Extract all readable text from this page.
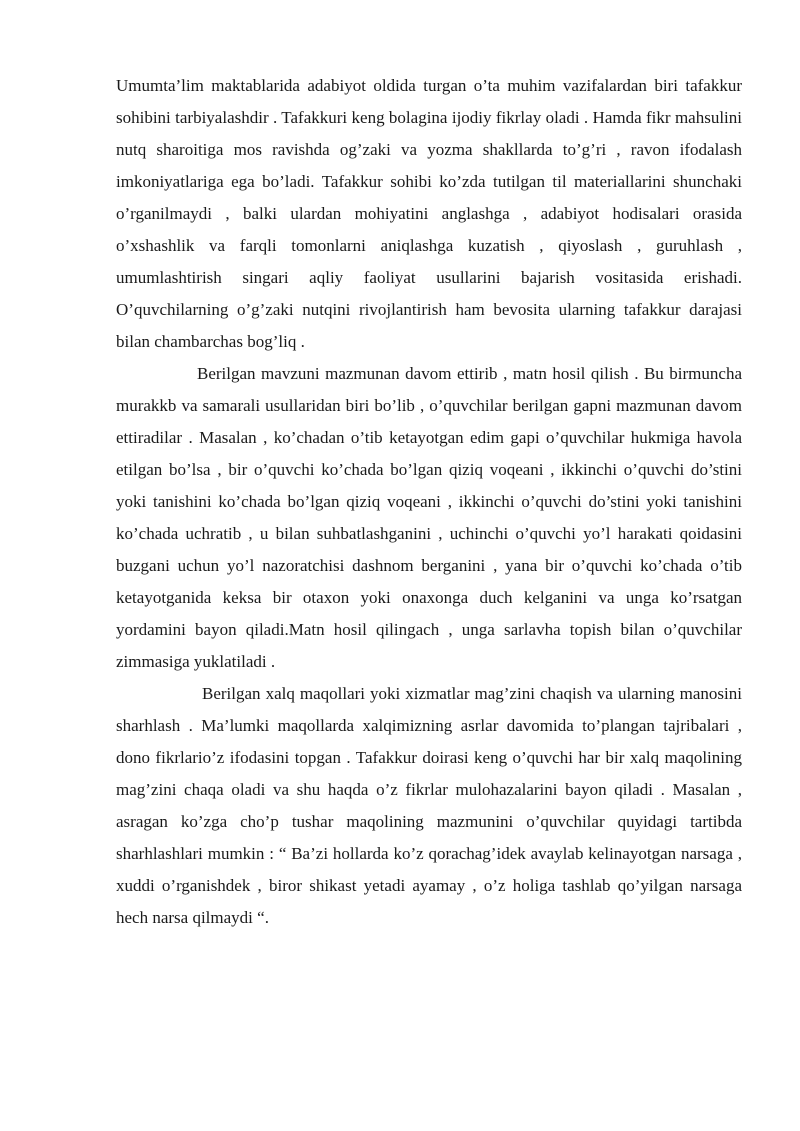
Umumta’lim maktablarida adabiyot oldida turgan o’ta muhim vazifalardan biri tafakkur sohibini tarbiyalashdir . Tafakkuri keng bolagina ijodiy fikrlay oladi . Hamda fikr mahsulini nutq sharoitiga mos ravishda og’zaki va yozma shakllarda to’g’ri , ravon ifodalash imkoniyatlariga ega bo’ladi. Tafakkur sohibi ko’zda tutilgan til materiallarini shunchaki o’rganilmaydi , balki ulardan mohiyatini anglashga , adabiyot hodisalari orasida o’xshashlik va farqli tomonlarni aniqlashga kuzatish , qiyoslash , guruhlash , umumlashtirish singari aqliy faoliyat usullarini bajarish vositasida erishadi. O’quvchilarning o’g’zaki nutqini rivojlantirish ham bevosita ularning tafakkur darajasi bilan chambarchas bog’liq .

Berilgan mavzuni mazmunan davom ettirib , matn hosil qilish . Bu birmuncha murakkb va samarali usullaridan biri bo’lib , o’quvchilar berilgan gapni mazmunan davom ettiradilar . Masalan , ko’chadan o’tib ketayotgan edim gapi o’quvchilar hukmiga havola etilgan bo’lsa , bir o’quvchi ko’chada bo’lgan qiziq voqeani , ikkinchi o’quvchi do’stini yoki tanishini ko’chada bo’lgan qiziq voqeani , ikkinchi o’quvchi do’stini yoki tanishini ko’chada uchratib , u bilan suhbatlashganini , uchinchi o’quvchi yo’l harakati qoidasini buzgani uchun yo’l nazoratchisi dashnom berganini , yana bir o’quvchi ko’chada o’tib ketayotganida keksa bir otaxon yoki onaxonga duch kelganini va unga ko’rsatgan yordamini bayon qiladi.Matn hosil qilingach , unga sarlavha topish bilan o’quvchilar zimmasiga yuklatiladi .

Berilgan xalq maqollari yoki xizmatlar mag’zini chaqish va ularning manosini sharhlash . Ma’lumki maqollarda xalqimizning asrlar davomida to’plangan tajribalari , dono fikrlario’z ifodasini topgan . Tafakkur doirasi keng o’quvchi har bir xalq maqolining mag’zini chaqa oladi va shu haqda o’z fikrlar mulohazalarini bayon qiladi . Masalan , asragan ko’zga cho’p tushar maqolining mazmunini o’quvchilar quyidagi tartibda sharhlashlari mumkin : “ Ba’zi hollarda ko’z qorachag’idek avaylab kelinayotgan narsaga , xuddi o’rganishdek , biror shikast yetadi ayamay , o’z holiga tashlab qo’yilgan narsaga hech narsa qilmaydi “.
